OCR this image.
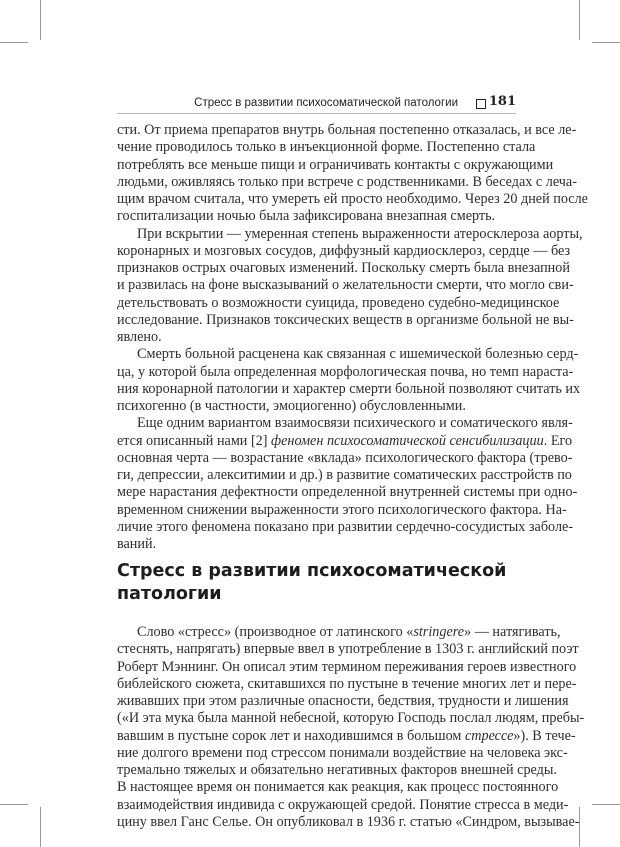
Стресс в развитии психосоматической патологии 181
Стресс в развитии психосоматической
патологии
сти. От приема препаратов внутрь больная постепенно отказалась, и все ле-
чение проводилось только в инъекционной форме. Постепенно стала
потреблять все меньше пищи и ограничивать контакты с окружающими
людьми, оживляясь только при встрече с родственниками. В беседах с леча-
щим врачом считала, что умереть ей просто необходимо. Через 20 дней после
госпитализации ночью была зафиксирована внезапная смерть.
При вскрытии — умеренная степень выраженности атеросклероза аорты,
коронарных и мозговых сосудов, диффузный кардиосклероз, сердце — без
признаков острых очаговых изменений. Поскольку смерть была внезапной
и развилась на фоне высказываний о желательности смерти, что могло сви-
детельствовать о возможности суицида, проведено судебно-медицинское
исследование. Признаков токсических веществ в организме больной не вы-
явлено.
Смерть больной расценена как связанная с ишемической болезнью серд-
ца, у которой была определенная морфологическая почва, но темп нараста-
ния коронарной патологии и характер смерти больной позволяют считать их
психогенно (в частности, эмоциогенно) обусловленными.
Еще одним вариантом взаимосвязи психического и соматического явля-
ется описанный нами [2] феномен психосоматической сенсибилизации. Его
основная черта — возрастание «вклада» психологического фактора (трево-
ги, депрессии, алекситимии и др.) в развитие соматических расстройств по
мере нарастания дефектности определенной внутренней системы при одно-
временном снижении выраженности этого психологического фактора. На-
личие этого феномена показано при развитии сердечно-сосудистых заболе-
ваний.
Слово «стресс» (производное от латинского «stringere» — натягивать,
стеснять, напрягать) впервые ввел в употребление в 1303 г. английский поэт
Роберт Мэннинг. Он описал этим термином переживания героев известного
библейского сюжета, скитавшихся по пустыне в течение многих лет и пере-
живавших при этом различные опасности, бедствия, трудности и лишения
(«И эта мука была манной небесной, которую Господь послал людям, пребы-
вавшим в пустыне сорок лет и находившимся в большом стрессе»). В тече-
ние долгого времени под стрессом понимали воздействие на человека экс-
тремально тяжелых и обязательно негативных факторов внешней среды.
В настоящее время он понимается как реакция, как процесс постоянного
взаимодействия индивида с окружающей средой. Понятие стресса в меди-
цину ввел Ганс Селье. Он опубликовал в 1936 г. статью «Синдром, вызывае-
